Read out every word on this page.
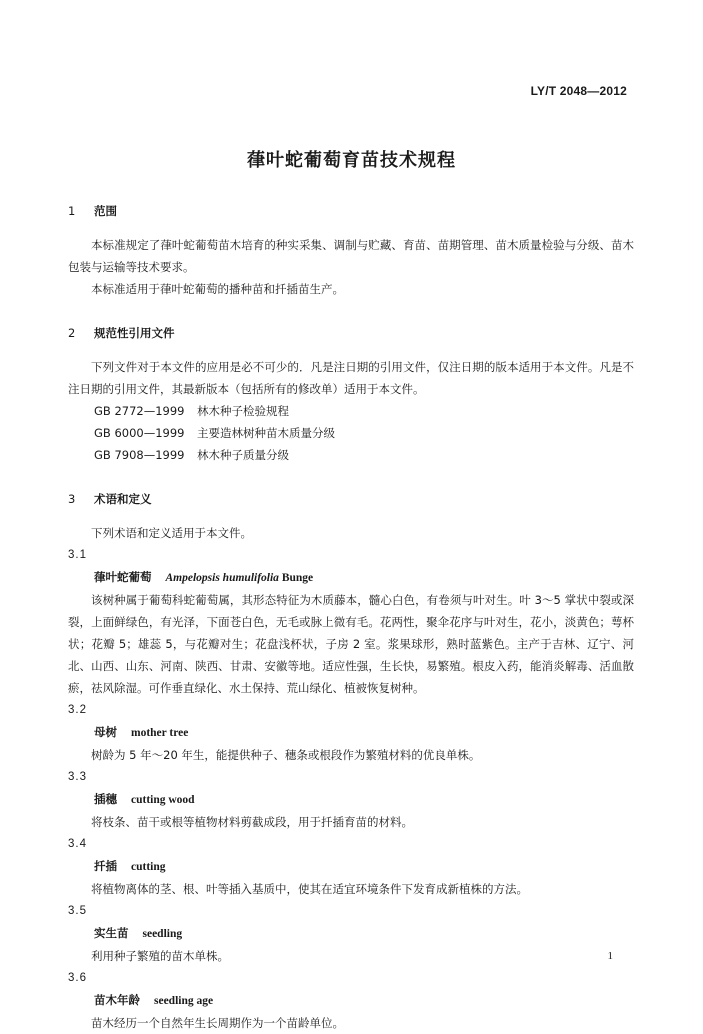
LY/T 2048—2012
葎叶蛇葡萄育苗技术规程
1 范围

本标准规定了葎叶蛇葡萄苗木培育的种实采集、调制与贮藏、育苗、苗期管理、苗木质量检验与分级、苗木包装与运输等技术要求。

本标准适用于葎叶蛇葡萄的播种苗和扦插苗生产。

2 规范性引用文件

下列文件对于本文件的应用是必不可少的．凡是注日期的引用文件，仅注日期的版本适用于本文件。凡是不注日期的引用文件，其最新版本（包括所有的修改单）适用于本文件。

GB 2772—1999 林木种子检验规程
GB 6000—1999 主要造林树种苗木质量分级
GB 7908—1999 林木种子质量分级
3 术语和定义

下列术语和定义适用于本文件。

3.1
葎叶蛇葡萄 Ampelopsis humulifolia Bunge

该树种属于葡萄科蛇葡萄属，其形态特征为木质藤本，髓心白色，有卷须与叶对生。叶 3～5 掌状中裂或深裂，上面鲜绿色，有光泽，下面苍白色，无毛或脉上微有毛。花两性，聚伞花序与叶对生，花小，淡黄色；萼杯状；花瓣 5；雄蕊 5，与花瓣对生；花盘浅杯状，子房 2 室。浆果球形，熟时蓝紫色。主产于吉林、辽宁、河北、山西、山东、河南、陕西、甘肃、安徽等地。适应性强，生长快，易繁殖。根皮入药，能消炎解毒、活血散瘀，祛风除湿。可作垂直绿化、水土保持、荒山绿化、植被恢复树种。

3.2
母树 mother tree

树龄为 5 年～20 年生，能提供种子、穗条或根段作为繁殖材料的优良单株。

3.3
插穗 cutting wood

将枝条、苗干或根等植物材料剪截成段，用于扦插育苗的材料。

3.4
扦插 cutting

将植物离体的茎、根、叶等插入基质中，使其在适宜环境条件下发育成新植株的方法。

3.5
实生苗 seedling

利用种子繁殖的苗木单株。

3.6
苗木年龄 seedling age

苗木经历一个自然年生长周期作为一个苗龄单位。

1
